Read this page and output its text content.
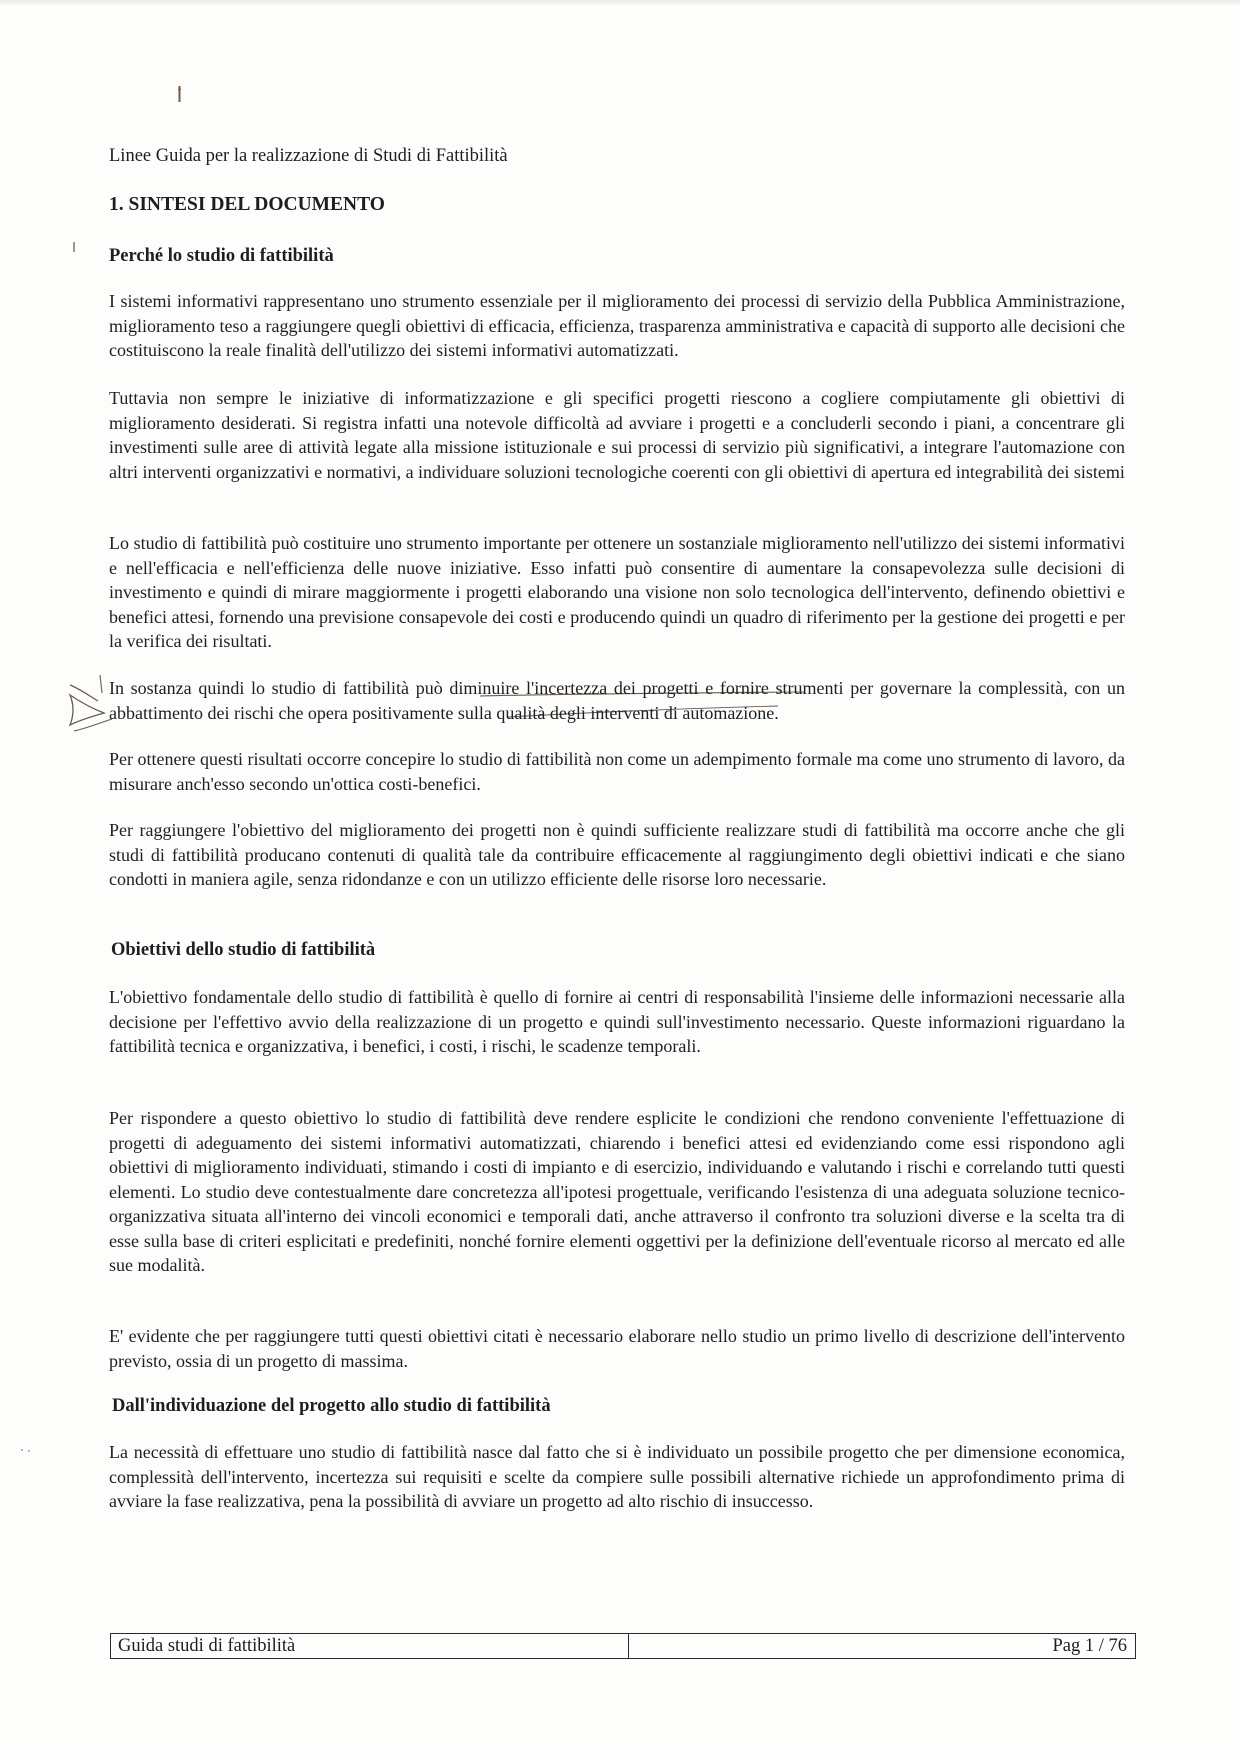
Linee Guida per la realizzazione di Studi di Fattibilità
1. SINTESI DEL DOCUMENTO
Perché lo studio di fattibilità

I sistemi informativi rappresentano uno strumento essenziale per il miglioramento dei processi di servizio della Pubblica Amministrazione, miglioramento teso a raggiungere quegli obiettivi di efficacia, efficienza, trasparenza amministrativa e capacità di supporto alle decisioni che costituiscono la reale finalità dell'utilizzo dei sistemi informativi automatizzati.

Tuttavia non sempre le iniziative di informatizzazione e gli specifici progetti riescono a cogliere compiutamente gli obiettivi di miglioramento desiderati. Si registra infatti una notevole difficoltà ad avviare i progetti e a concluderli secondo i piani, a concentrare gli investimenti sulle aree di attività legate alla missione istituzionale e sui processi di servizio più significativi, a integrare l'automazione con altri interventi organizzativi e normativi, a individuare soluzioni tecnologiche coerenti con gli obiettivi di apertura ed integrabilità dei sistemi

Lo studio di fattibilità può costituire uno strumento importante per ottenere un sostanziale miglioramento nell'utilizzo dei sistemi informativi e nell'efficacia e nell'efficienza delle nuove iniziative. Esso infatti può consentire di aumentare la consapevolezza sulle decisioni di investimento e quindi di mirare maggiormente i progetti elaborando una visione non solo tecnologica dell'intervento, definendo obiettivi e benefici attesi, fornendo una previsione consapevole dei costi e producendo quindi un quadro di riferimento per la gestione dei progetti e per la verifica dei risultati.

In sostanza quindi lo studio di fattibilità può diminuire l'incertezza dei progetti e fornire strumenti per governare la complessità, con un abbattimento dei rischi che opera positivamente sulla qualità degli interventi di automazione.

Per ottenere questi risultati occorre concepire lo studio di fattibilità non come un adempimento formale ma come uno strumento di lavoro, da misurare anch'esso secondo un'ottica costi-benefici.

Per raggiungere l'obiettivo del miglioramento dei progetti non è quindi sufficiente realizzare studi di fattibilità ma occorre anche che gli studi di fattibilità producano contenuti di qualità tale da contribuire efficacemente al raggiungimento degli obiettivi indicati e che siano condotti in maniera agile, senza ridondanze e con un utilizzo efficiente delle risorse loro necessarie.

Obiettivi dello studio di fattibilità

L'obiettivo fondamentale dello studio di fattibilità è quello di fornire ai centri di responsabilità l'insieme delle informazioni necessarie alla decisione per l'effettivo avvio della realizzazione di un progetto e quindi sull'investimento necessario. Queste informazioni riguardano la fattibilità tecnica e organizzativa, i benefici, i costi, i rischi, le scadenze temporali.

Per rispondere a questo obiettivo lo studio di fattibilità deve rendere esplicite le condizioni che rendono conveniente l'effettuazione di progetti di adeguamento dei sistemi informativi automatizzati, chiarendo i benefici attesi ed evidenziando come essi rispondono agli obiettivi di miglioramento individuati, stimando i costi di impianto e di esercizio, individuando e valutando i rischi e correlando tutti questi elementi. Lo studio deve contestualmente dare concretezza all'ipotesi progettuale, verificando l'esistenza di una adeguata soluzione tecnico-organizzativa situata all'interno dei vincoli economici e temporali dati, anche attraverso il confronto tra soluzioni diverse e la scelta tra di esse sulla base di criteri esplicitati e predefiniti, nonché fornire elementi oggettivi per la definizione dell'eventuale ricorso al mercato ed alle sue modalità.

E' evidente che per raggiungere tutti questi obiettivi citati è necessario elaborare nello studio un primo livello di descrizione dell'intervento previsto, ossia di un progetto di massima.

Dall'individuazione del progetto allo studio di fattibilità

La necessità di effettuare uno studio di fattibilità nasce dal fatto che si è individuato un possibile progetto che per dimensione economica, complessità dell'intervento, incertezza sui requisiti e scelte da compiere sulle possibili alternative richiede un approfondimento prima di avviare la fase realizzativa, pena la possibilità di avviare un progetto ad alto rischio di insuccesso.

Guida studi di fattibilità	Pag 1 / 76
